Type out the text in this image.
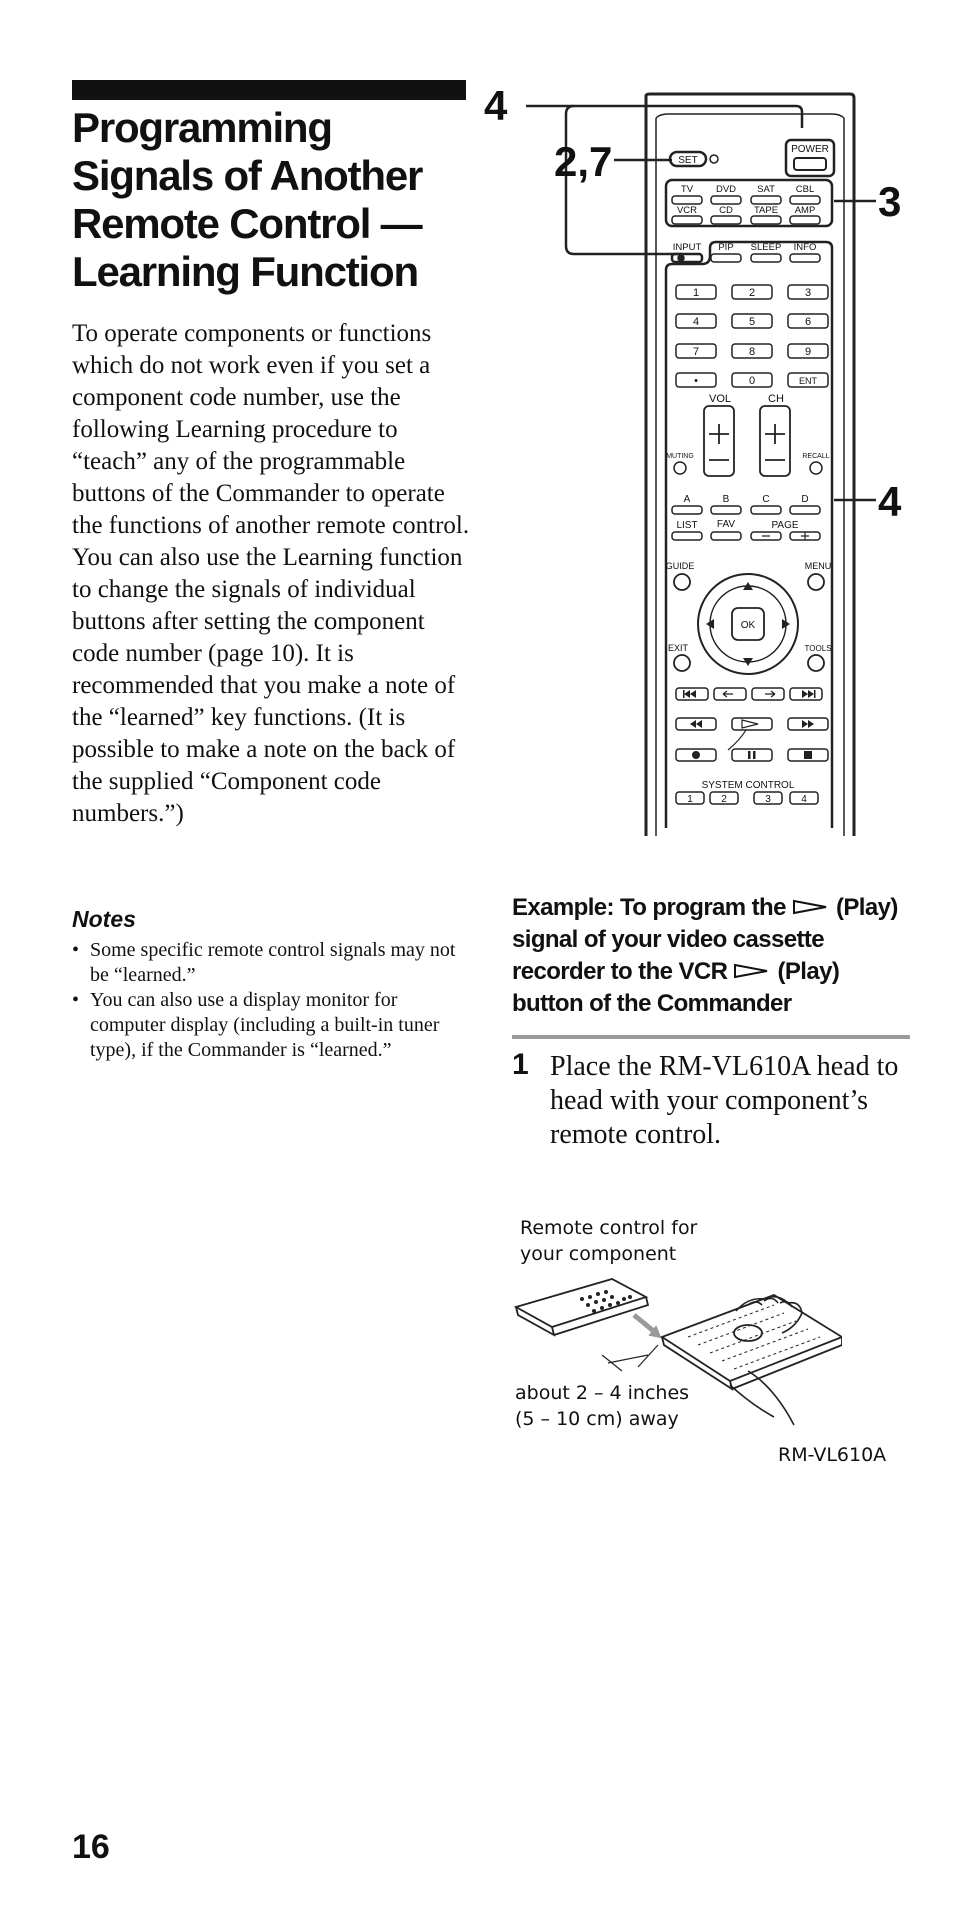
Programming Signals of Another Remote Control — Learning Function

To operate components or functions which do not work even if you set a component code number, use the following Learning procedure to “teach” any of the programmable buttons of the Commander to operate the functions of another remote control. You can also use the Learning function to change the signals of individual buttons after setting the component code number (page 10). It is recommended that you make a note of the “learned” key functions. (It is possible to make a note on the back of the supplied “Component code numbers.”)

Notes
• Some specific remote control signals may not be “learned.”
• You can also use a display monitor for computer display (including a built-in tuner type), if the Commander is “learned.”
4
2,7
3
4
SET
POWER
TV DVD SAT CBL
VCR CD TAPE AMP
INPUT PIP SLEEP INFO
1	2	3
4	5	6
7	8	9
•	0	ENT
VOL	CH
MUTING	RECALL
A	B	C	D
LIST FAV	PAGE
GUIDE	MENU
EXIT	TOOLS
OK
SYSTEM CONTROL
1	2	3	4

Example: To program the
(Play) signal of your video cassette recorder to the VCR
(Play) button of the Commander

1 Place the RM-VL610A head to head with your component’s remote control.

Remote control for
your component
about 2 – 4 inches
(5 – 10 cm) away
RM-VL610A
16
